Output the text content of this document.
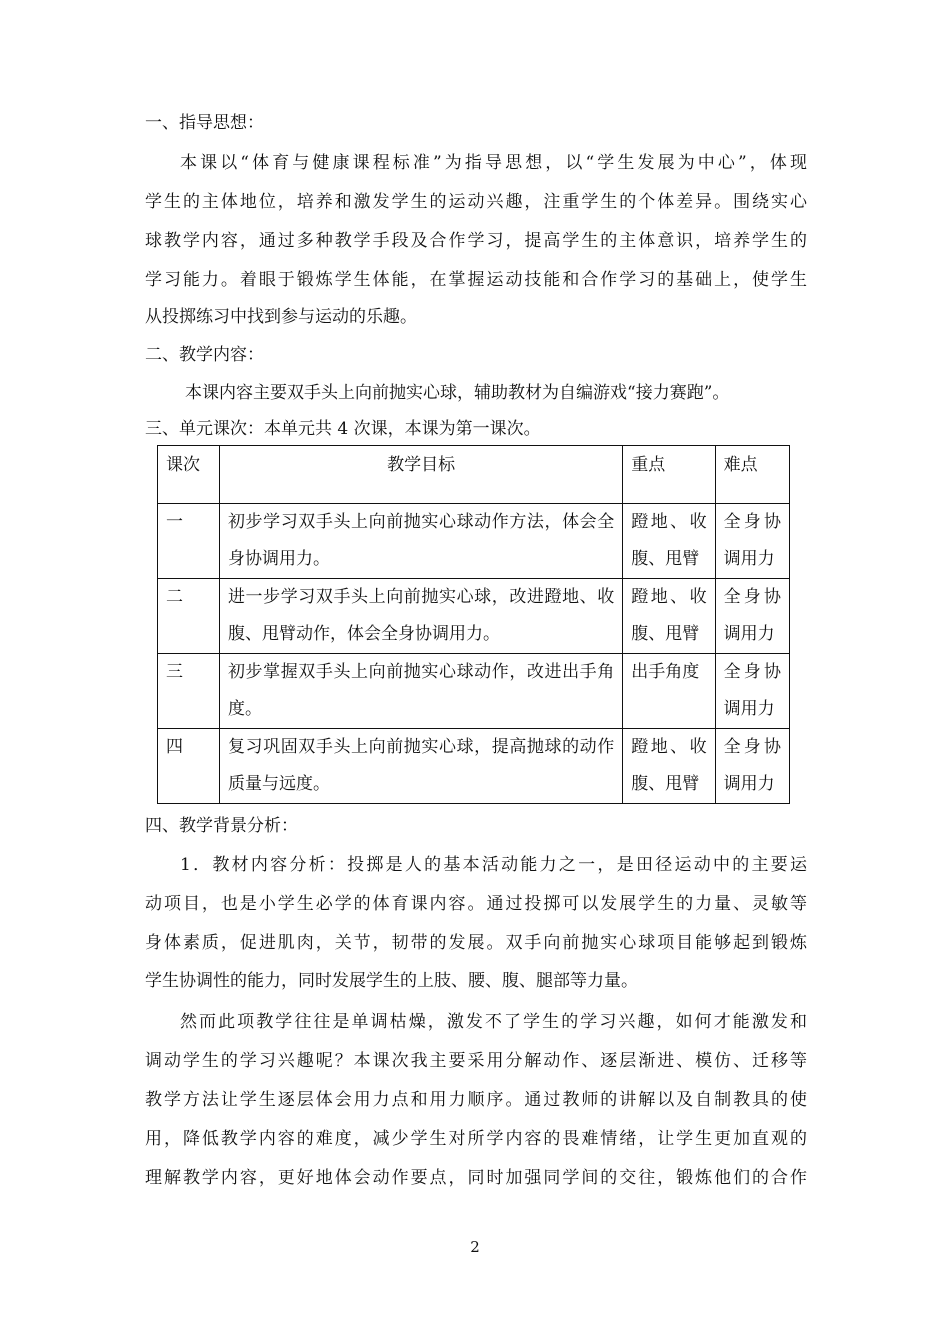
一、指导思想：
本课以“体育与健康课程标准”为指导思想，以“学生发展为中心”，体现
学生的主体地位，培养和激发学生的运动兴趣，注重学生的个体差异。围绕实心
球教学内容，通过多种教学手段及合作学习，提高学生的主体意识，培养学生的
学习能力。着眼于锻炼学生体能，在掌握运动技能和合作学习的基础上，使学生
从投掷练习中找到参与运动的乐趣。
二、教学内容：
本课内容主要双手头上向前抛实心球，辅助教材为自编游戏“接力赛跑”。
三、单元课次：本单元共 4 次课，本课为第一课次。
课次	教学目标	重点	难点
一	初步学习双手头上向前抛实心球动作方法，体会全身协调用力。	蹬地、收腹、甩臂	全身协调用力

二	进一步学习双手头上向前抛实心球，改进蹬地、收腹、甩臂动作，体会全身协调用力。	蹬地、收腹、甩臂	全身协调用力

三	初步掌握双手头上向前抛实心球动作，改进出手角度。	出手角度	全身协调用力

四	复习巩固双手头上向前抛实心球，提高抛球的动作质量与远度。	蹬地、收腹、甩臂	全身协调用力
四、教学背景分析：
1．教材内容分析：投掷是人的基本活动能力之一，是田径运动中的主要运
动项目，也是小学生必学的体育课内容。通过投掷可以发展学生的力量、灵敏等
身体素质，促进肌肉，关节，韧带的发展。双手向前抛实心球项目能够起到锻炼
学生协调性的能力，同时发展学生的上肢、腰、腹、腿部等力量。
然而此项教学往往是单调枯燥，激发不了学生的学习兴趣，如何才能激发和
调动学生的学习兴趣呢？本课次我主要采用分解动作、逐层渐进、模仿、迁移等
教学方法让学生逐层体会用力点和用力顺序。通过教师的讲解以及自制教具的使
用，降低教学内容的难度，减少学生对所学内容的畏难情绪，让学生更加直观的
理解教学内容，更好地体会动作要点，同时加强同学间的交往，锻炼他们的合作
2
